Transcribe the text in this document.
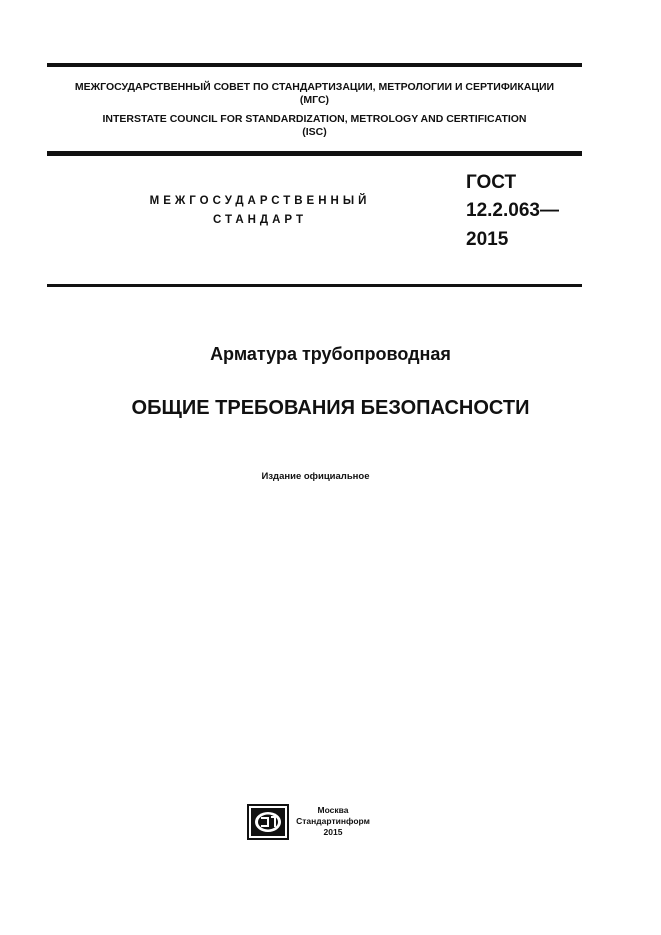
МЕЖГОСУДАРСТВЕННЫЙ СОВЕТ ПО СТАНДАРТИЗАЦИИ, МЕТРОЛОГИИ И СЕРТИФИКАЦИИ
(МГС)
INTERSTATE COUNCIL FOR STANDARDIZATION, METROLOGY AND CERTIFICATION
(ISC)
МЕЖГОСУДАРСТВЕННЫЙ
СТАНДАРТ
ГОСТ
12.2.063—
2015
Арматура трубопроводная
ОБЩИЕ ТРЕБОВАНИЯ БЕЗОПАСНОСТИ
Издание официальное
Москва
Стандартинформ
2015
